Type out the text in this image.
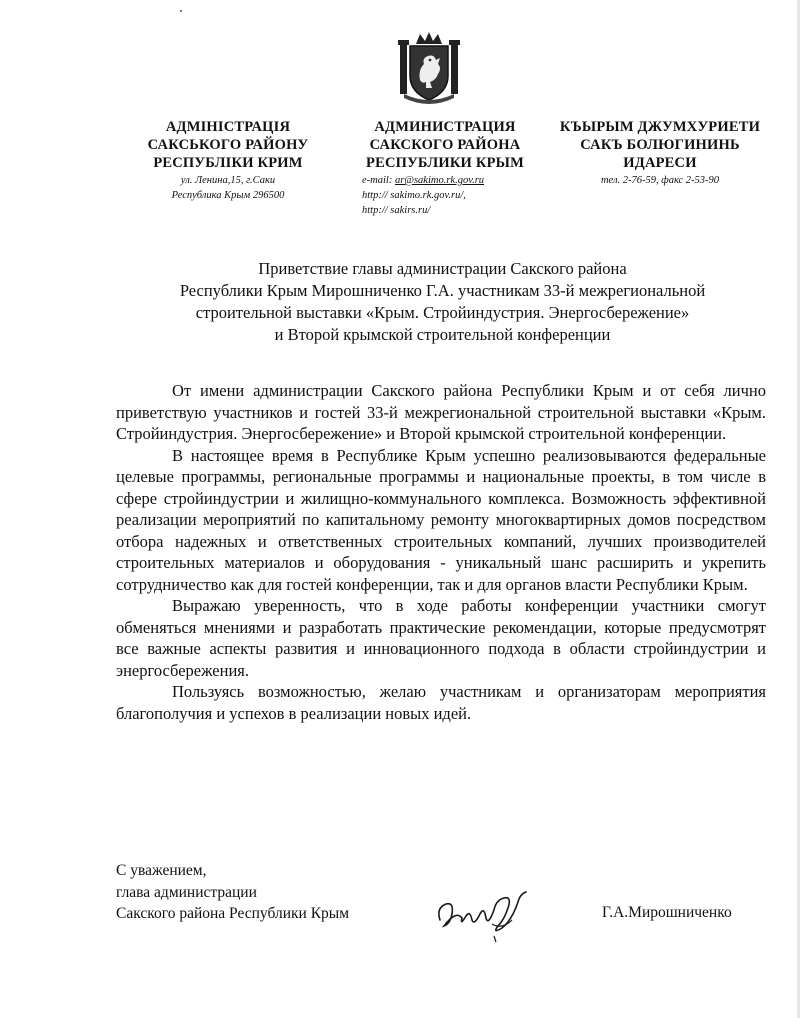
АДМІНІСТРАЦІЯ
САКСЬКОГО РАЙОНУ
РЕСПУБЛІКИ КРИМ
ул. Ленина,15, г.Саки
Республика Крым 296500
АДМИНИСТРАЦИЯ
САКСКОГО РАЙОНА
РЕСПУБЛИКИ КРЫМ
e-mail: ar@sakimo.rk.gov.ru
http:// sakimo.rk.gov.ru/,
http:// sakirs.ru/
КЪЫРЫМ ДЖУМХУРИЕТИ
САКЪ БОЛЮГИНИНЬ
ИДАРЕСИ
тел. 2-76-59, факс 2-53-90
Приветствие главы администрации Сакского района
Республики Крым Мирошниченко Г.А. участникам 33-й межрегиональной
строительной выставки «Крым. Стройиндустрия. Энергосбережение»
и Второй крымской строительной конференции

От имени администрации Сакского района Республики Крым и от себя лично приветствую участников и гостей 33-й межрегиональной строительной выставки «Крым. Стройиндустрия. Энергосбережение» и Второй крымской строительной конференции.

В настоящее время в Республике Крым успешно реализовываются федеральные целевые программы, региональные программы и национальные проекты, в том числе в сфере стройиндустрии и жилищно-коммунального комплекса. Возможность эффективной реализации мероприятий по капитальному ремонту многоквартирных домов посредством отбора надежных и ответственных строительных компаний, лучших производителей строительных материалов и оборудования - уникальный шанс расширить и укрепить сотрудничество как для гостей конференции, так и для органов власти Республики Крым.

Выражаю уверенность, что в ходе работы конференции участники смогут обменяться мнениями и разработать практические рекомендации, которые предусмотрят все важные аспекты развития и инновационного подхода в области стройиндустрии и энергосбережения.

Пользуясь возможностью, желаю участникам и организаторам мероприятия благополучия и успехов в реализации новых идей.

С уважением,
глава администрации
Сакского района Республики Крым	Г.А.Мирошниченко
